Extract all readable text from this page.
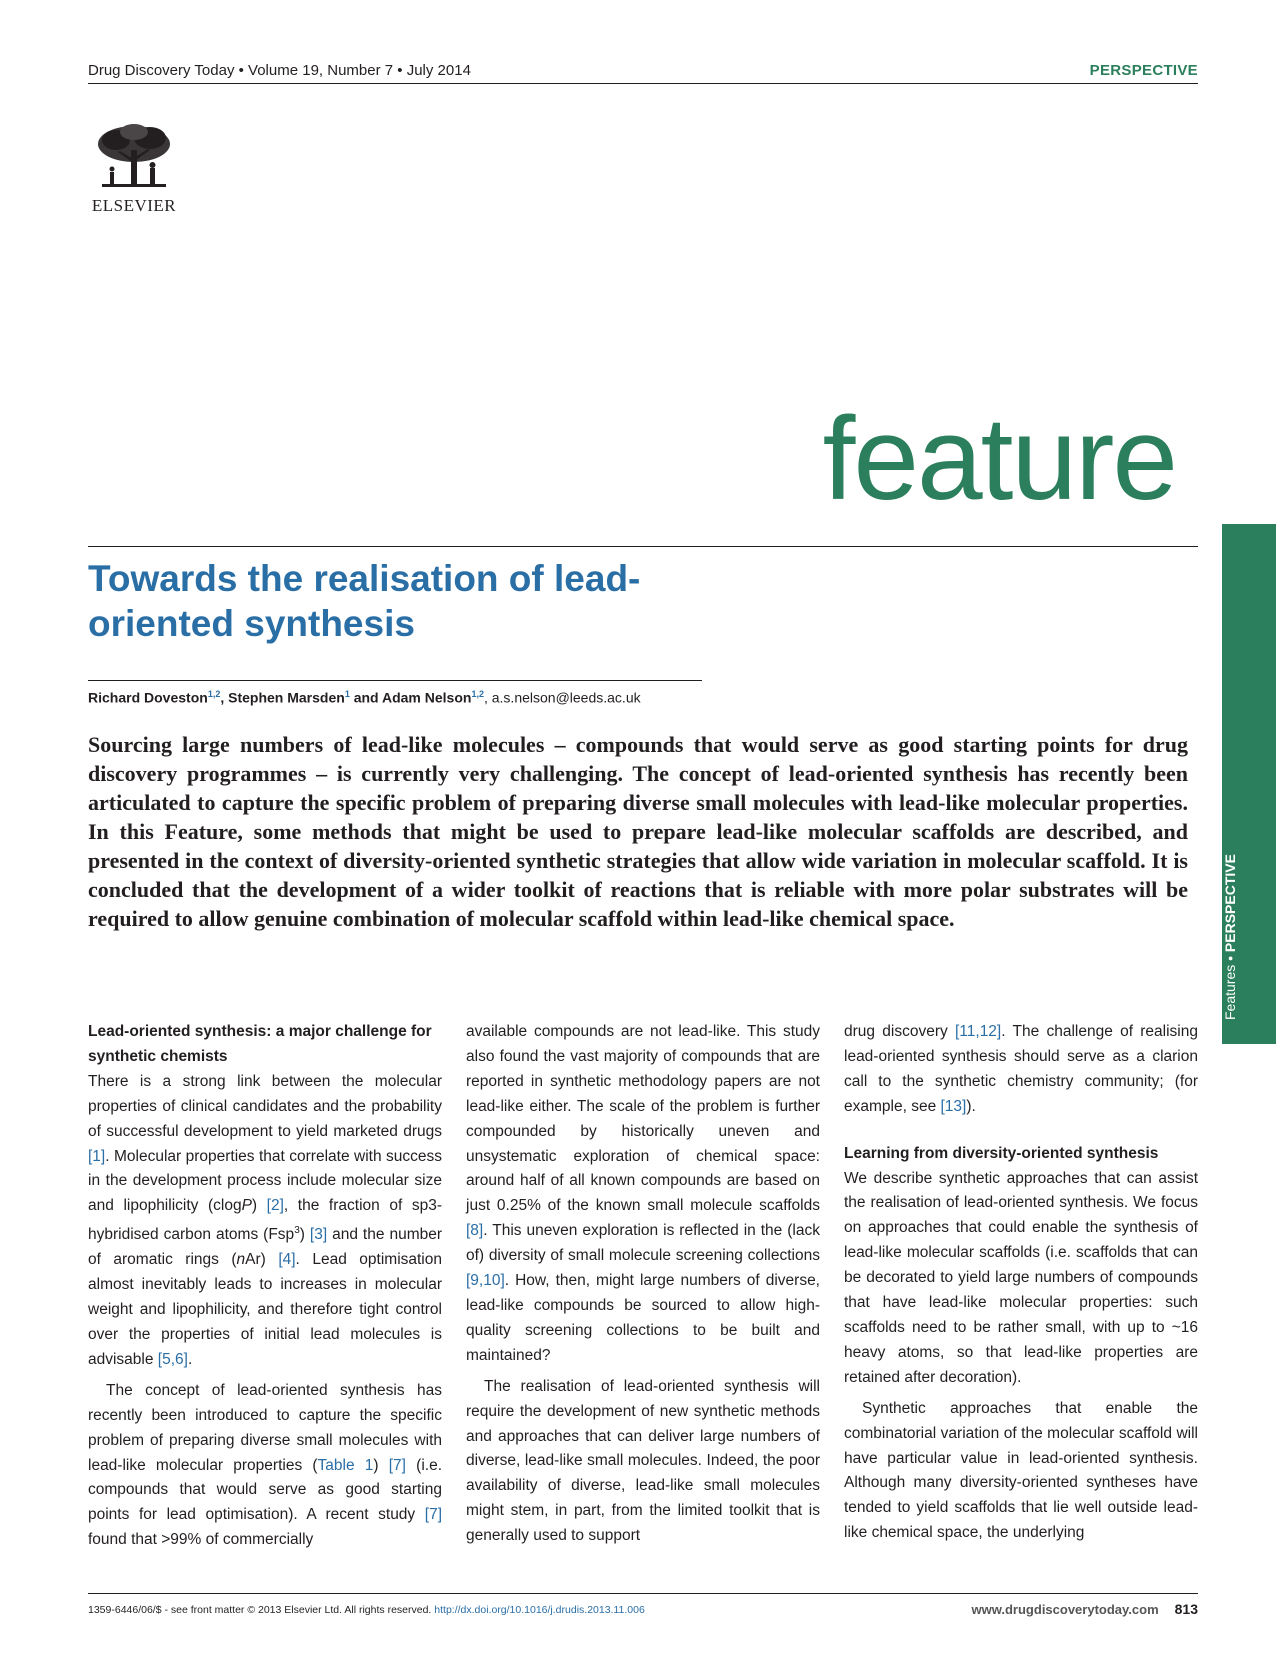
Drug Discovery Today • Volume 19, Number 7 • July 2014	PERSPECTIVE
ELSEVIER
feature
Features • PERSPECTIVE
Towards the realisation of lead-oriented synthesis
Richard Doveston$^{1,2}$, Stephen Marsden$^1$ and Adam Nelson$^{1,2}$, a.s.nelson@leeds.ac.uk
Sourcing large numbers of lead-like molecules – compounds that would serve as good starting points for drug discovery programmes – is currently very challenging. The concept of lead-oriented synthesis has recently been articulated to capture the specific problem of preparing diverse small molecules with lead-like molecular properties. In this Feature, some methods that might be used to prepare lead-like molecular scaffolds are described, and presented in the context of diversity-oriented synthetic strategies that allow wide variation in molecular scaffold. It is concluded that the development of a wider toolkit of reactions that is reliable with more polar substrates will be required to allow genuine combination of molecular scaffold within lead-like chemical space.
Lead-oriented synthesis: a major challenge for synthetic chemists

There is a strong link between the molecular properties of clinical candidates and the probability of successful development to yield marketed drugs [1]. Molecular properties that correlate with success in the development process include molecular size and lipophilicity (clogP) [2], the fraction of sp3-hybridised carbon atoms (Fsp$^3$) [3] and the number of aromatic rings (nAr) [4]. Lead optimisation almost inevitably leads to increases in molecular weight and lipophilicity, and therefore tight control over the properties of initial lead molecules is advisable [5,6].

The concept of lead-oriented synthesis has recently been introduced to capture the specific problem of preparing diverse small molecules with lead-like molecular properties (Table 1) [7] (i.e. compounds that would serve as good starting points for lead optimisation). A recent study [7] found that >99% of commercially

available compounds are not lead-like. This study also found the vast majority of compounds that are reported in synthetic methodology papers are not lead-like either. The scale of the problem is further compounded by historically uneven and unsystematic exploration of chemical space: around half of all known compounds are based on just 0.25% of the known small molecule scaffolds [8]. This uneven exploration is reflected in the (lack of) diversity of small molecule screening collections [9,10]. How, then, might large numbers of diverse, lead-like compounds be sourced to allow high-quality screening collections to be built and maintained?

The realisation of lead-oriented synthesis will require the development of new synthetic methods and approaches that can deliver large numbers of diverse, lead-like small molecules. Indeed, the poor availability of diverse, lead-like small molecules might stem, in part, from the limited toolkit that is generally used to support

drug discovery [11,12]. The challenge of realising lead-oriented synthesis should serve as a clarion call to the synthetic chemistry community; (for example, see [13]).

Learning from diversity-oriented synthesis

We describe synthetic approaches that can assist the realisation of lead-oriented synthesis. We focus on approaches that could enable the synthesis of lead-like molecular scaffolds (i.e. scaffolds that can be decorated to yield large numbers of compounds that have lead-like molecular properties: such scaffolds need to be rather small, with up to ~16 heavy atoms, so that lead-like properties are retained after decoration).

Synthetic approaches that enable the combinatorial variation of the molecular scaffold will have particular value in lead-oriented synthesis. Although many diversity-oriented syntheses have tended to yield scaffolds that lie well outside lead-like chemical space, the underlying

1359-6446/06/$ - see front matter © 2013 Elsevier Ltd. All rights reserved. http://dx.doi.org/10.1016/j.drudis.2013.11.006	www.drugdiscoverytoday.com 813
